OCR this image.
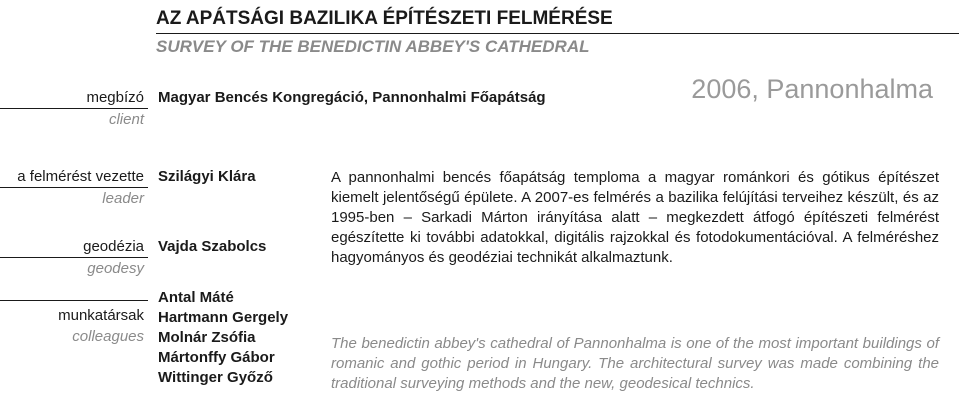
AZ APÁTSÁGI BAZILIKA ÉPÍTÉSZETI FELMÉRÉSE
SURVEY OF THE BENEDICTIN ABBEY'S CATHEDRAL
2006, Pannonhalma
megbízó
client
Magyar Bencés Kongregáció, Pannonhalmi Főapátság
a felmérést vezette
leader
Szilágyi Klára
geodézia
geodesy
Vajda Szabolcs
munkatársak
colleagues
Antal Máté
Hartmann Gergely
Molnár Zsófia
Mártonffy Gábor
Wittinger Győző

A pannonhalmi bencés főapátság temploma a magyar románkori és gótikus építészet kiemelt jelentőségű épülete. A 2007-es felmérés a bazilika felújítási terveihez készült, és az 1995-ben – Sarkadi Márton irányítása alatt – megkezdett átfogó építészeti felmérést egészítette ki további adatokkal, digitális rajzokkal és fotodokumentációval. A felméréshez hagyományos és geodéziai technikát alkalmaztunk.

The benedictin abbey's cathedral of Pannonhalma is one of the most important buildings of romanic and gothic period in Hungary. The architectural survey was made combining the traditional surveying methods and the new, geodesical technics.
